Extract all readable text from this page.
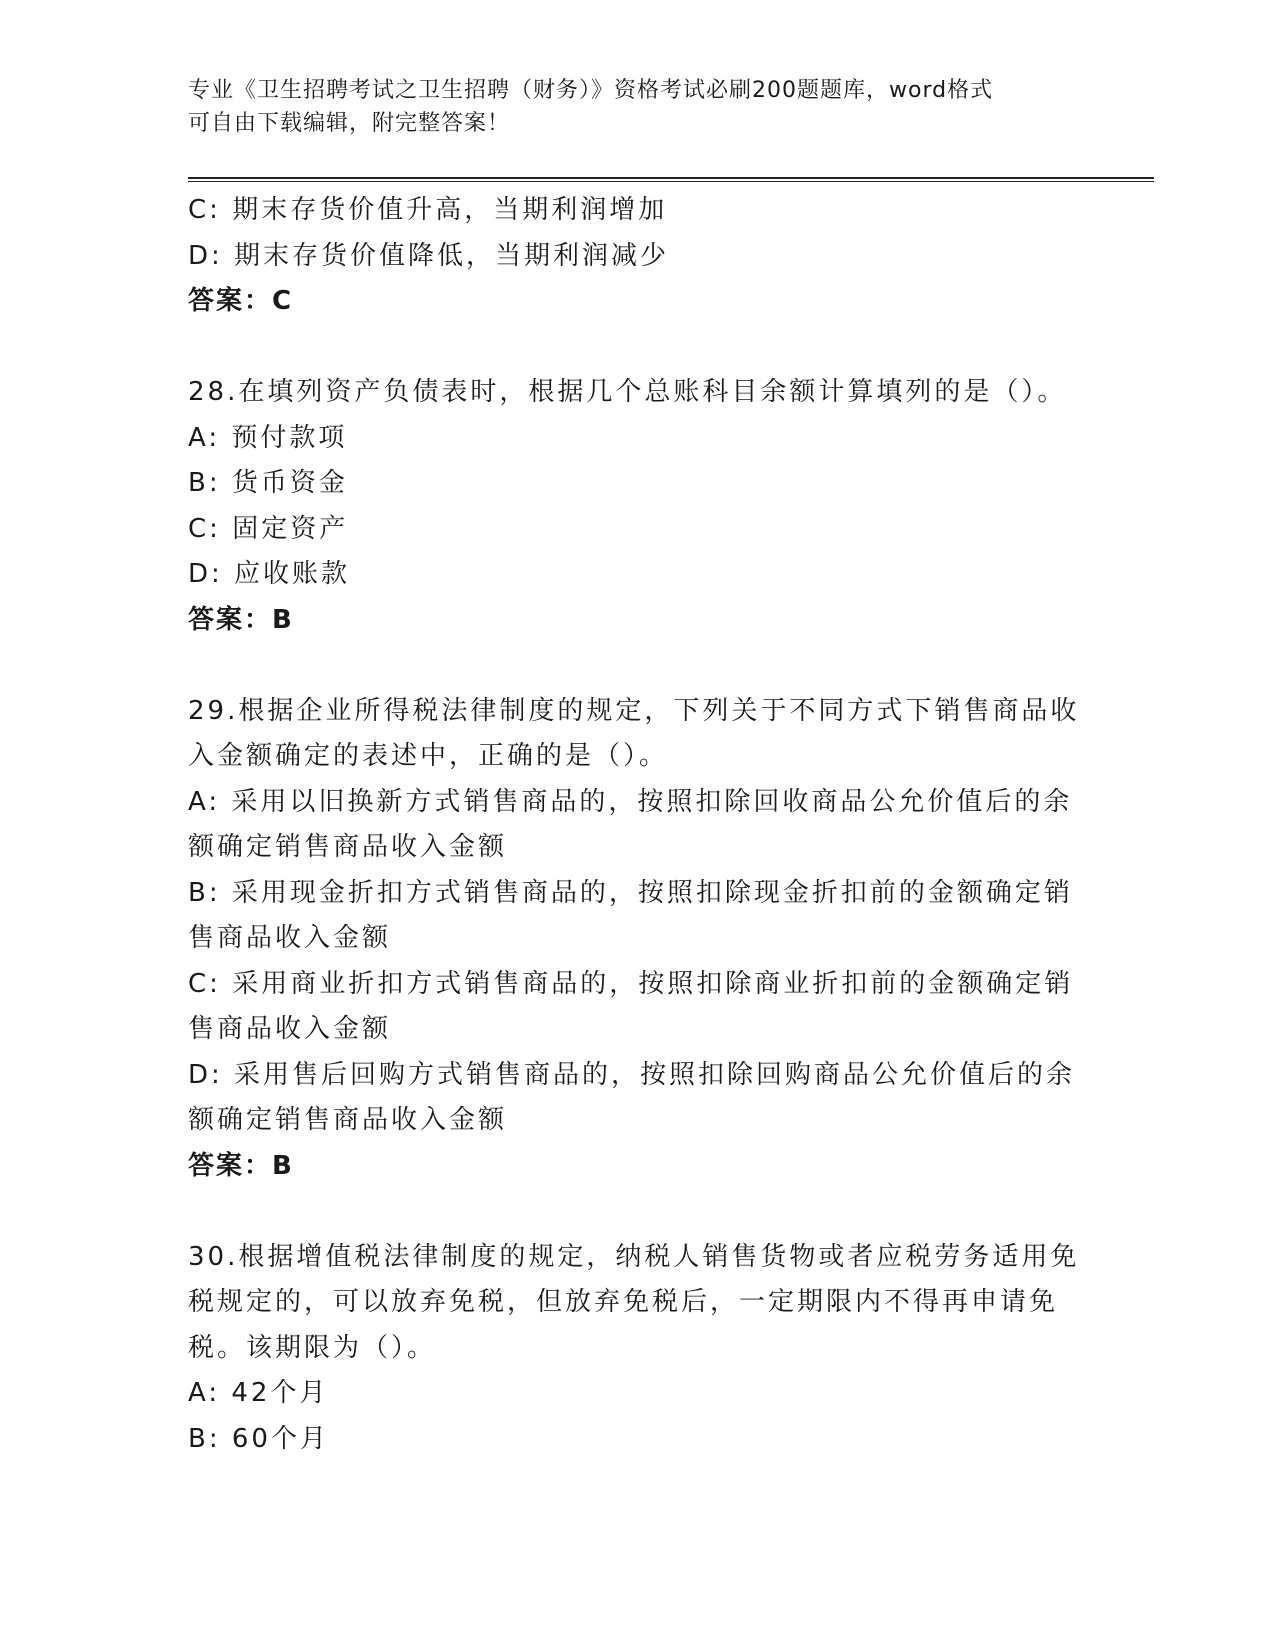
专业《卫生招聘考试之卫生招聘（财务）》资格考试必刷200题题库，word格式
可自由下载编辑，附完整答案！
C: 期末存货价值升高，当期利润增加
D: 期末存货价值降低，当期利润减少
答案：C
28.在填列资产负债表时，根据几个总账科目余额计算填列的是（）。
A: 预付款项
B: 货币资金
C: 固定资产
D: 应收账款
答案：B
29.根据企业所得税法律制度的规定，下列关于不同方式下销售商品收
入金额确定的表述中，正确的是（）。
A: 采用以旧换新方式销售商品的，按照扣除回收商品公允价值后的余
额确定销售商品收入金额
B: 采用现金折扣方式销售商品的，按照扣除现金折扣前的金额确定销
售商品收入金额
C: 采用商业折扣方式销售商品的，按照扣除商业折扣前的金额确定销
售商品收入金额
D: 采用售后回购方式销售商品的，按照扣除回购商品公允价值后的余
额确定销售商品收入金额
答案：B
30.根据增值税法律制度的规定，纳税人销售货物或者应税劳务适用免
税规定的，可以放弃免税，但放弃免税后，一定期限内不得再申请免
税。该期限为（）。
A: 42个月
B: 60个月
